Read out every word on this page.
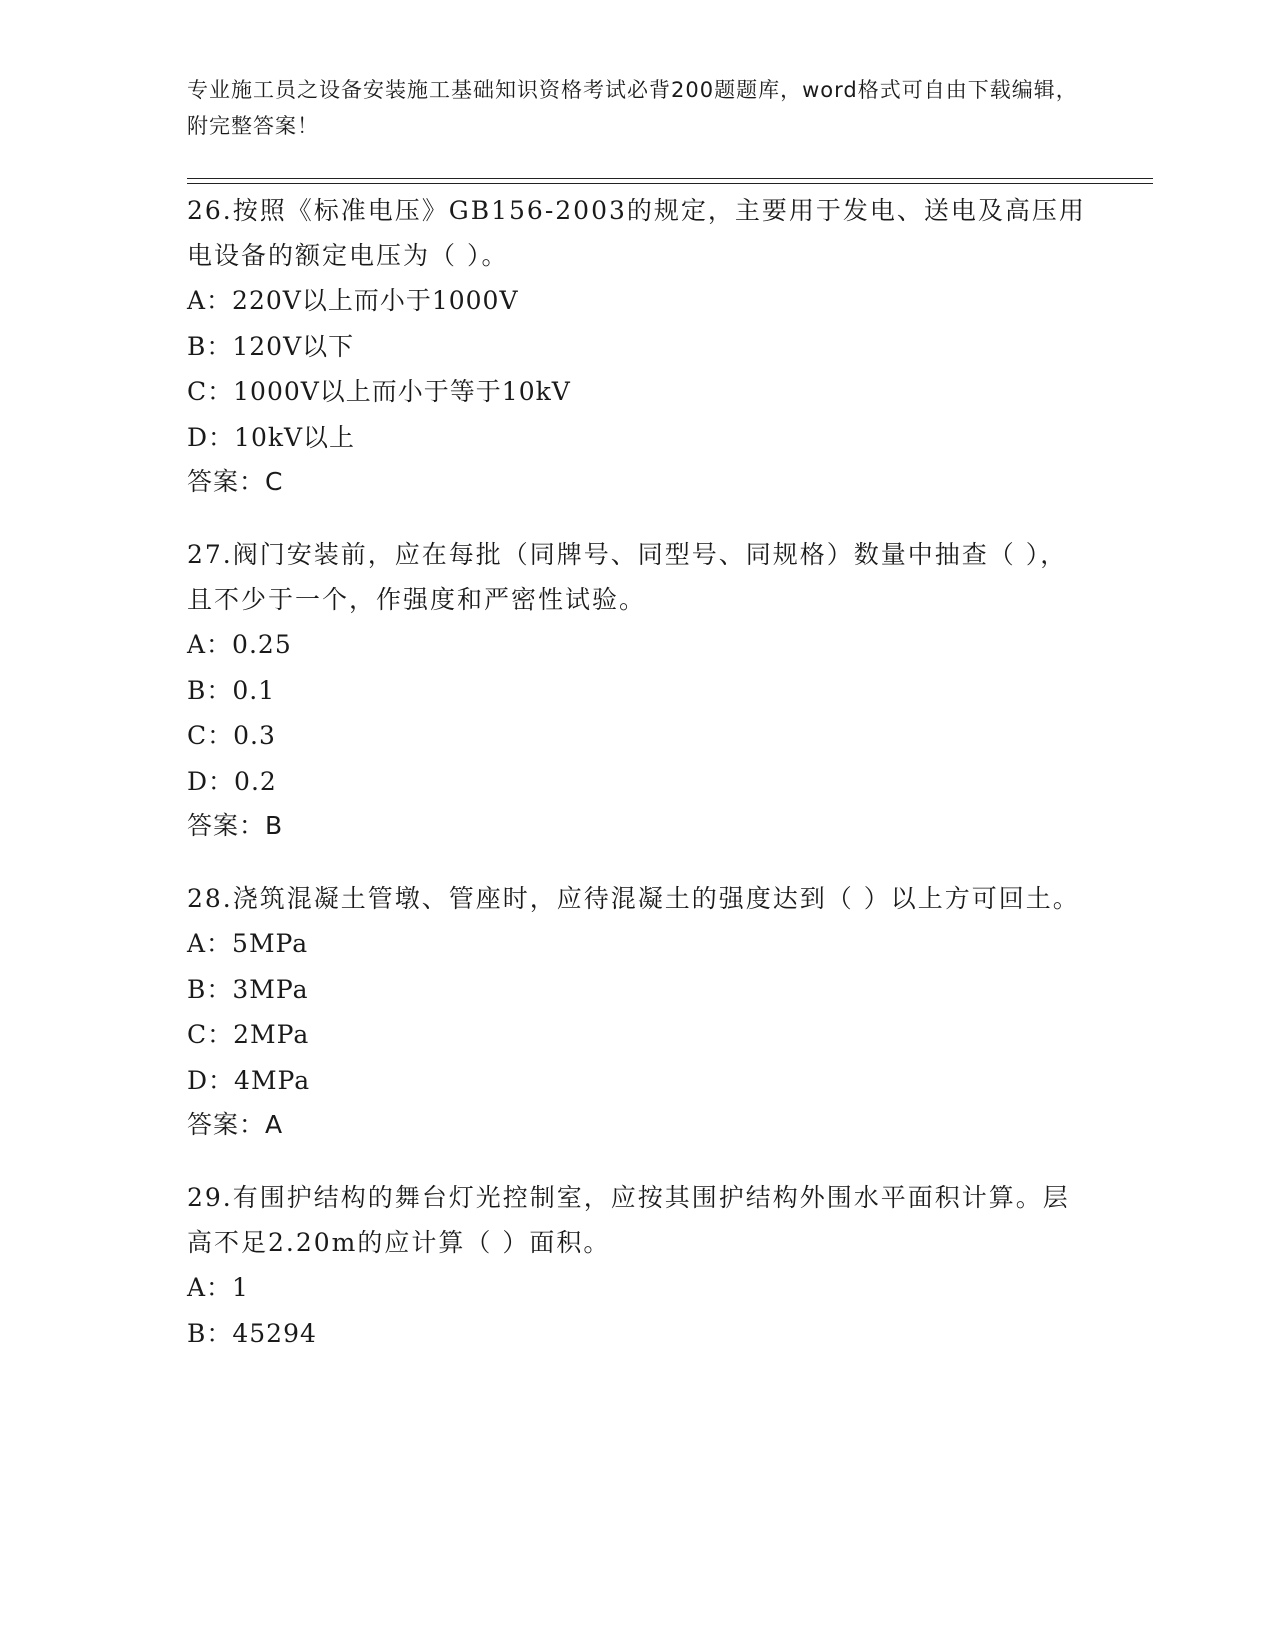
专业施工员之设备安装施工基础知识资格考试必背200题题库，word格式可自由下载编辑，附完整答案！
26.按照《标准电压》GB156-2003的规定，主要用于发电、送电及高压用电设备的额定电压为（ ）。
A：220V以上而小于1000V
B：120V以下
C：1000V以上而小于等于10kV
D：10kV以上
答案：C
27.阀门安装前，应在每批（同牌号、同型号、同规格）数量中抽查（ ），且不少于一个，作强度和严密性试验。
A：0.25
B：0.1
C：0.3
D：0.2
答案：B
28.浇筑混凝土管墩、管座时，应待混凝土的强度达到（ ）以上方可回土。
A：5MPa
B：3MPa
C：2MPa
D：4MPa
答案：A
29.有围护结构的舞台灯光控制室，应按其围护结构外围水平面积计算。层高不足2.20m的应计算（ ）面积。
A：1
B：45294
